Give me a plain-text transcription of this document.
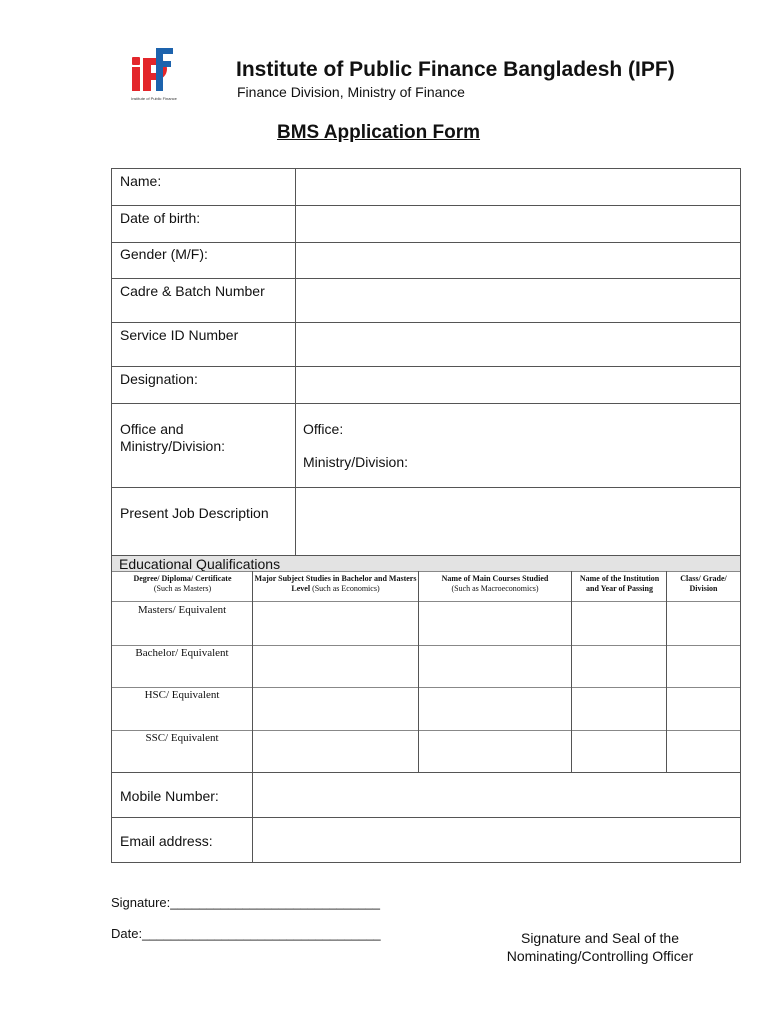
Institute of Public Finance
Institute of Public Finance Bangladesh (IPF)
Finance Division, Ministry of Finance
BMS Application Form
Name:
Date of birth:
Gender (M/F):
Cadre & Batch Number
Service ID Number
Designation:
Office and Ministry/Division:
Office:
Ministry/Division:
Present Job Description
Educational Qualifications
Degree/ Diploma/ Certificate
(Such as Masters)
Major Subject Studies in Bachelor and Masters Level (Such as Economics)
Name of Main Courses Studied
(Such as Macroeconomics)
Name of the Institution and Year of Passing
Class/ Grade/ Division
Masters/ Equivalent
Bachelor/ Equivalent
HSC/ Equivalent
SSC/ Equivalent
Mobile Number:
Email address:
Signature:_____________________________
Date:_________________________________	Signature and Seal of the Nominating/Controlling Officer
